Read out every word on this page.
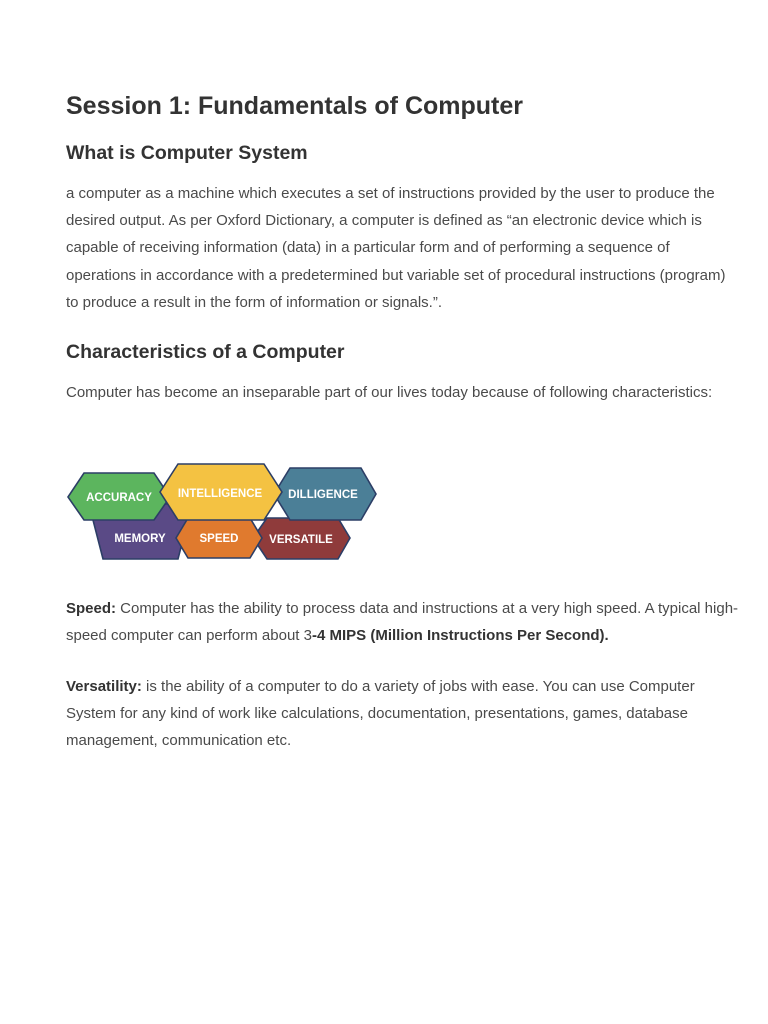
Session 1: Fundamentals of Computer
What is Computer System

a computer as a machine which executes a set of instructions provided by the user to produce the desired output. As per Oxford Dictionary, a computer is defined as “an electronic device which is capable of receiving information (data) in a particular form and of performing a sequence of operations in accordance with a predetermined but variable set of procedural instructions (program) to produce a result in the form of information or signals.”.

Characteristics of a Computer

Computer has become an inseparable part of our lives today because of following characteristics:

MEMORY	VERSATILE
SPEED
ACCURACY	DILLIGENCE
INTELLIGENCE

Speed: Computer has the ability to process data and instructions at a very high speed. A typical high-speed computer can perform about 3-4 MIPS (Million Instructions Per Second).

Versatility: is the ability of a computer to do a variety of jobs with ease. You can use Computer System for any kind of work like calculations, documentation, presentations, games, database management, communication etc.
